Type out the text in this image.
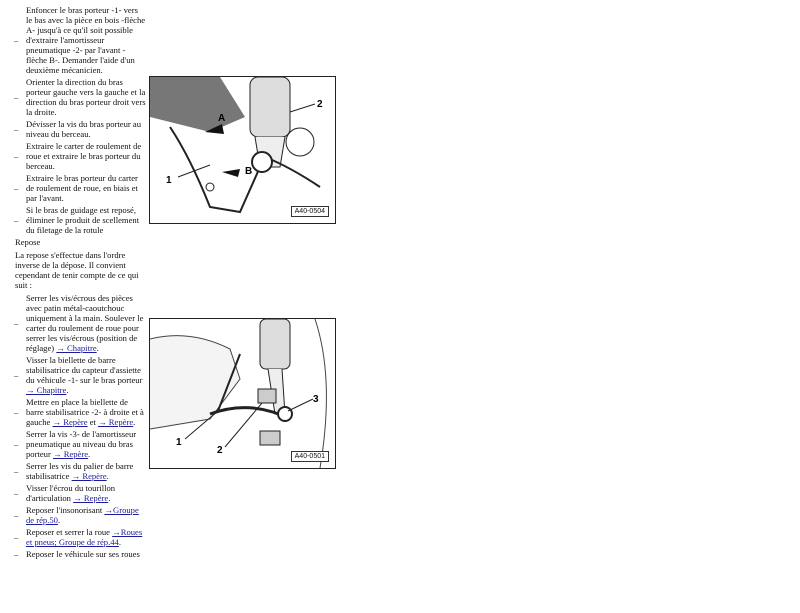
–
Enfoncer le bras porteur -1- vers le bas avec la pièce en bois -flèche A- jusqu'à ce qu'il soit possible d'extraire l'amortisseur pneumatique -2- par l'avant -flèche B-. Demander l'aide d'un deuxième mécanicien.
–
Orienter la direction du bras porteur gauche vers la gauche et la direction du bras porteur droit vers la droite.
– Dévisser la vis du bras porteur au niveau du berceau.
–
Extraire le carter de roulement de roue et extraire le bras porteur du berceau.
–
Extraire le bras porteur du carter de roulement de roue, en biais et par l'avant.
–
Si le bras de guidage est reposé, éliminer le produit de scellement du filetage de la rotule
Repose
La repose s'effectue dans l'ordre inverse de la dépose. Il convient cependant de tenir compte de ce qui suit :
–
Serrer les vis/écrous des pièces avec patin métal-caoutchouc uniquement à la main. Soulever le carter du roulement de roue pour serrer les vis/écrous (position de réglage) → Chapitre.
–
Visser la biellette de barre stabilisatrice du capteur d'assiette du véhicule -1- sur le bras porteur → Chapitre.
–
Mettre en place la biellette de barre stabilisatrice -2- à droite et à gauche → Repère et → Repère.
–
Serrer la vis -3- de l'amortisseur pneumatique au niveau du bras porteur → Repère.
– Serrer les vis du palier de barre stabilisatrice → Repère.
– Visser l'écrou du tourillon d'articulation → Repère.
– Reposer l'insonorisant →Groupe de rép.50.
– Reposer et serrer la roue →Roues et pneus; Groupe de rép.44.
– Reposer le véhicule sur ses roues
A
B
1
2
A40-0504
1
2
3
A40-0501
